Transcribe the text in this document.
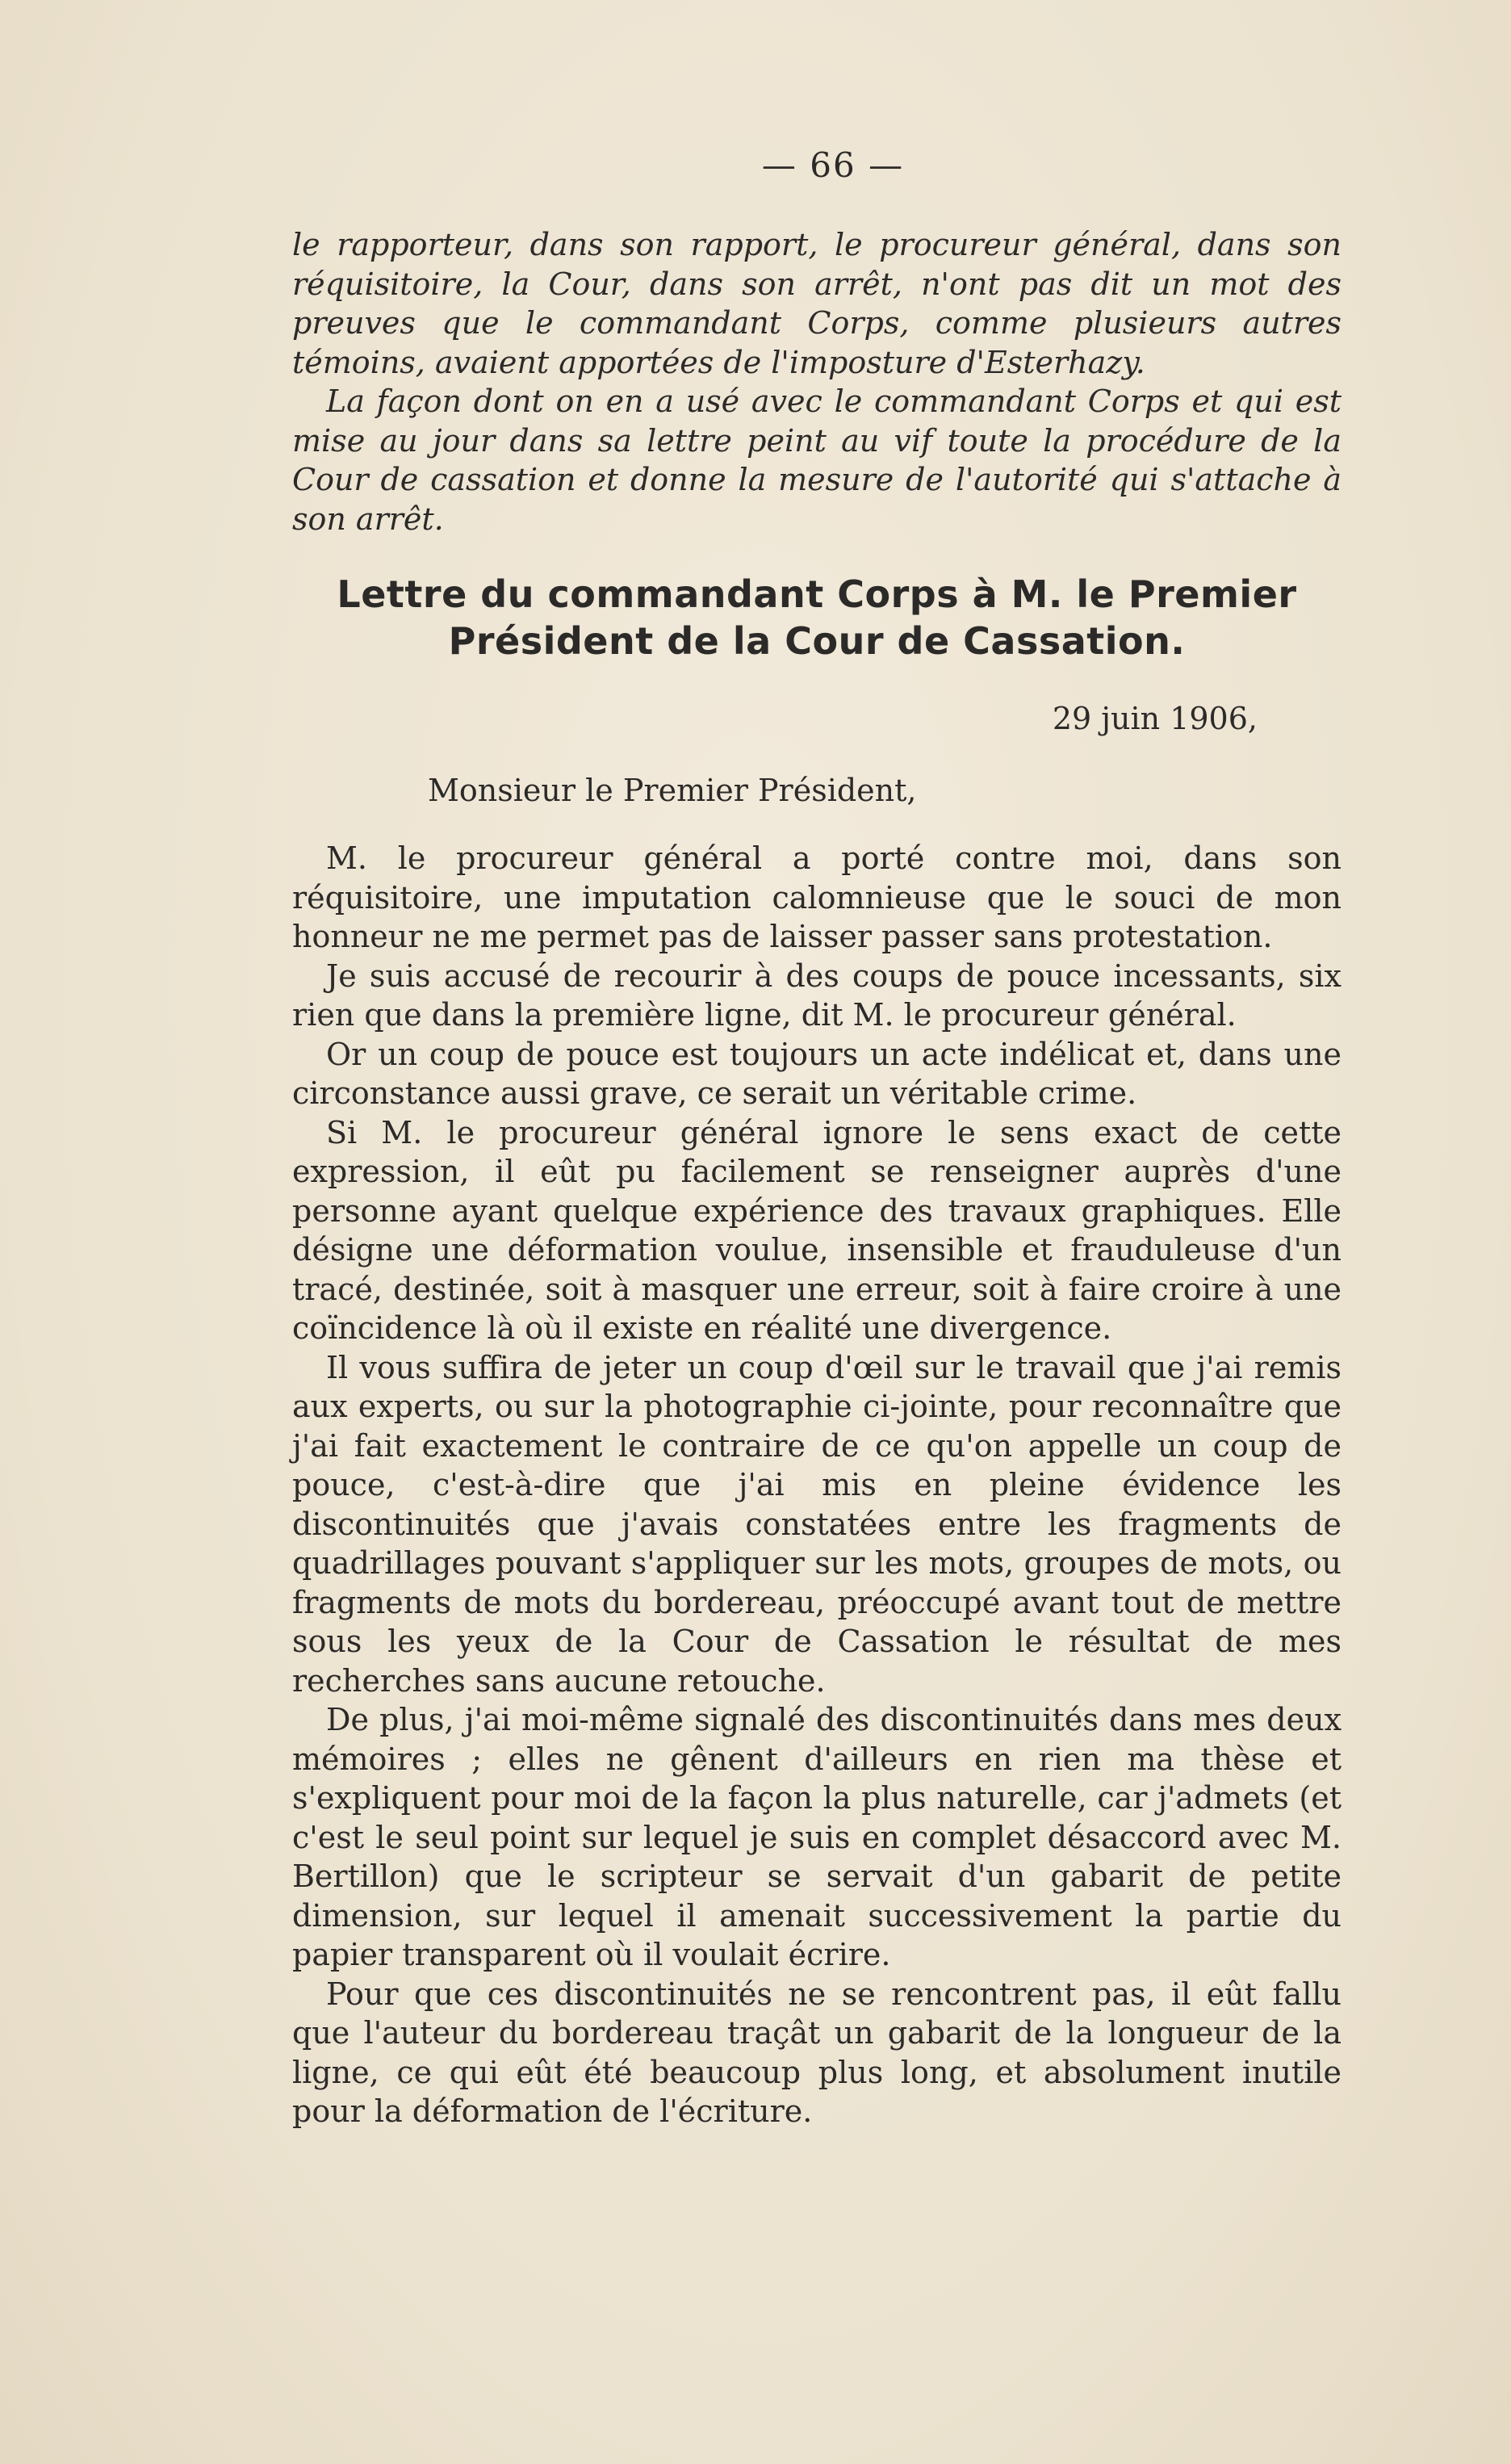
— 66 —

le rapporteur, dans son rapport, le procureur général, dans son réquisitoire, la Cour, dans son arrêt, n'ont pas dit un mot des preuves que le commandant Corps, comme plusieurs autres témoins, avaient apportées de l'imposture d'Esterhazy.

La façon dont on en a usé avec le commandant Corps et qui est mise au jour dans sa lettre peint au vif toute la procédure de la Cour de cassation et donne la mesure de l'autorité qui s'attache à son arrêt.

Lettre du commandant Corps à M. le Premier
Président de la Cour de Cassation.
29 juin 1906,
Monsieur le Premier Président,

M. le procureur général a porté contre moi, dans son réquisitoire, une imputation calomnieuse que le souci de mon honneur ne me permet pas de laisser passer sans protestation.

Je suis accusé de recourir à des coups de pouce incessants, six rien que dans la première ligne, dit M. le procureur général.

Or un coup de pouce est toujours un acte indélicat et, dans une circonstance aussi grave, ce serait un véritable crime.

Si M. le procureur général ignore le sens exact de cette expression, il eût pu facilement se renseigner auprès d'une personne ayant quelque expérience des travaux graphiques. Elle désigne une déformation voulue, insensible et frauduleuse d'un tracé, destinée, soit à masquer une erreur, soit à faire croire à une coïncidence là où il existe en réalité une divergence.

Il vous suffira de jeter un coup d'œil sur le travail que j'ai remis aux experts, ou sur la photographie ci-jointe, pour reconnaître que j'ai fait exactement le contraire de ce qu'on appelle un coup de pouce, c'est-à-dire que j'ai mis en pleine évidence les discontinuités que j'avais constatées entre les fragments de quadrillages pouvant s'appliquer sur les mots, groupes de mots, ou fragments de mots du bordereau, préoccupé avant tout de mettre sous les yeux de la Cour de Cassation le résultat de mes recherches sans aucune retouche.

De plus, j'ai moi-même signalé des discontinuités dans mes deux mémoires ; elles ne gênent d'ailleurs en rien ma thèse et s'expliquent pour moi de la façon la plus naturelle, car j'admets (et c'est le seul point sur lequel je suis en complet désaccord avec M. Bertillon) que le scripteur se servait d'un gabarit de petite dimension, sur lequel il amenait successivement la partie du papier transparent où il voulait écrire.

Pour que ces discontinuités ne se rencontrent pas, il eût fallu que l'auteur du bordereau traçât un gabarit de la longueur de la ligne, ce qui eût été beaucoup plus long, et absolument inutile pour la déformation de l'écriture.
